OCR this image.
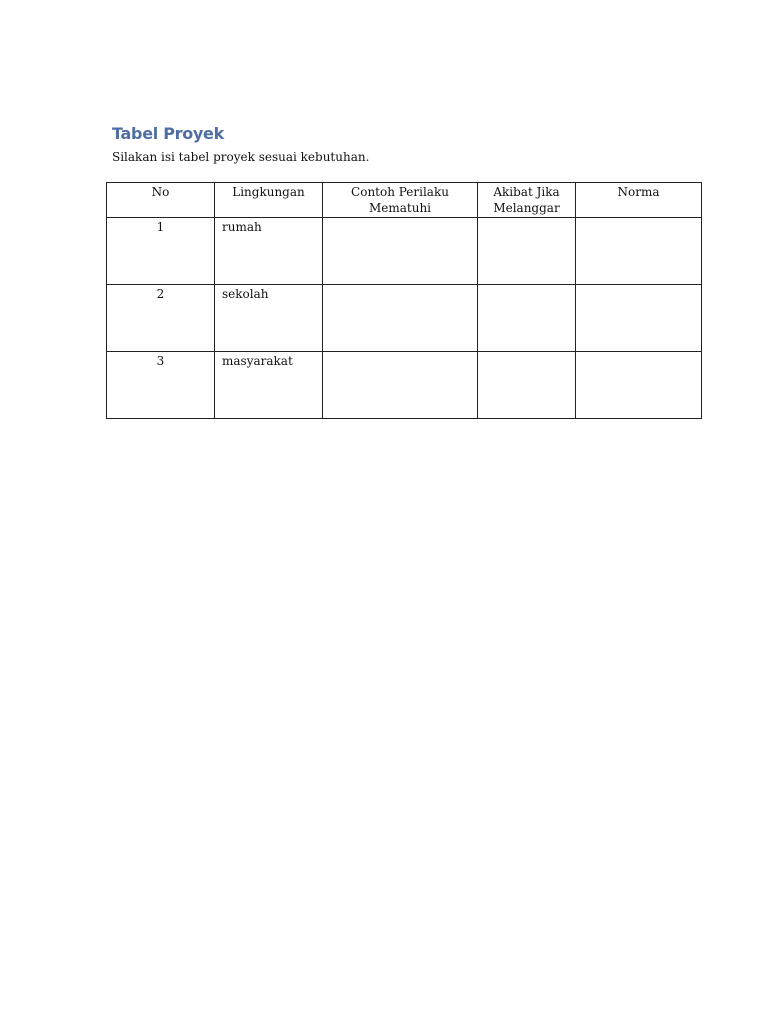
Tabel Proyek

Silakan isi tabel proyek sesuai kebutuhan.

No	Lingkungan	Contoh Perilaku Mematuhi	Akibat Jika Melanggar	Norma
1	rumah			
2	sekolah			
3	masyarakat			
